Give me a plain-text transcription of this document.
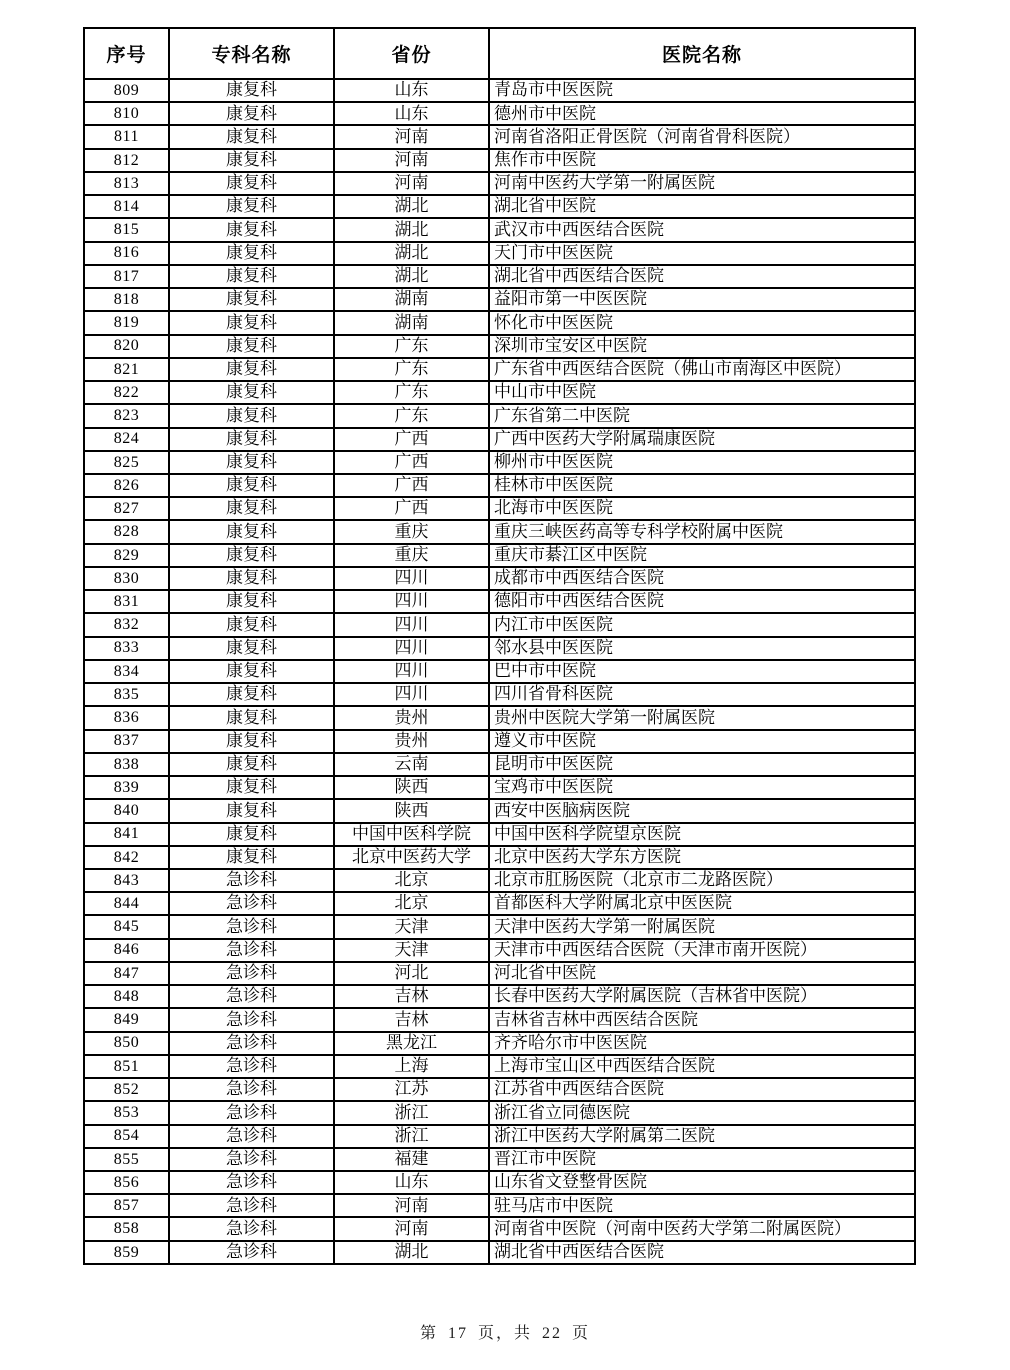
序号	专科名称	省份	医院名称
809	康复科	山东	青岛市中医医院
810	康复科	山东	德州市中医院
811	康复科	河南	河南省洛阳正骨医院（河南省骨科医院）
812	康复科	河南	焦作市中医院
813	康复科	河南	河南中医药大学第一附属医院
814	康复科	湖北	湖北省中医院
815	康复科	湖北	武汉市中西医结合医院
816	康复科	湖北	天门市中医医院
817	康复科	湖北	湖北省中西医结合医院
818	康复科	湖南	益阳市第一中医医院
819	康复科	湖南	怀化市中医医院
820	康复科	广东	深圳市宝安区中医院
821	康复科	广东	广东省中西医结合医院（佛山市南海区中医院）
822	康复科	广东	中山市中医院
823	康复科	广东	广东省第二中医院
824	康复科	广西	广西中医药大学附属瑞康医院
825	康复科	广西	柳州市中医医院
826	康复科	广西	桂林市中医医院
827	康复科	广西	北海市中医医院
828	康复科	重庆	重庆三峡医药高等专科学校附属中医院
829	康复科	重庆	重庆市綦江区中医院
830	康复科	四川	成都市中西医结合医院
831	康复科	四川	德阳市中西医结合医院
832	康复科	四川	内江市中医医院
833	康复科	四川	邻水县中医医院
834	康复科	四川	巴中市中医院
835	康复科	四川	四川省骨科医院
836	康复科	贵州	贵州中医院大学第一附属医院
837	康复科	贵州	遵义市中医院
838	康复科	云南	昆明市中医医院
839	康复科	陕西	宝鸡市中医医院
840	康复科	陕西	西安中医脑病医院
841	康复科	中国中医科学院	中国中医科学院望京医院
842	康复科	北京中医药大学	北京中医药大学东方医院
843	急诊科	北京	北京市肛肠医院（北京市二龙路医院）
844	急诊科	北京	首都医科大学附属北京中医医院
845	急诊科	天津	天津中医药大学第一附属医院
846	急诊科	天津	天津市中西医结合医院（天津市南开医院）
847	急诊科	河北	河北省中医院
848	急诊科	吉林	长春中医药大学附属医院（吉林省中医院）
849	急诊科	吉林	吉林省吉林中西医结合医院
850	急诊科	黑龙江	齐齐哈尔市中医医院
851	急诊科	上海	上海市宝山区中西医结合医院
852	急诊科	江苏	江苏省中西医结合医院
853	急诊科	浙江	浙江省立同德医院
854	急诊科	浙江	浙江中医药大学附属第二医院
855	急诊科	福建	晋江市中医院
856	急诊科	山东	山东省文登整骨医院
857	急诊科	河南	驻马店市中医院
858	急诊科	河南	河南省中医院（河南中医药大学第二附属医院）
859	急诊科	湖北	湖北省中西医结合医院
第 17 页，共 22 页
